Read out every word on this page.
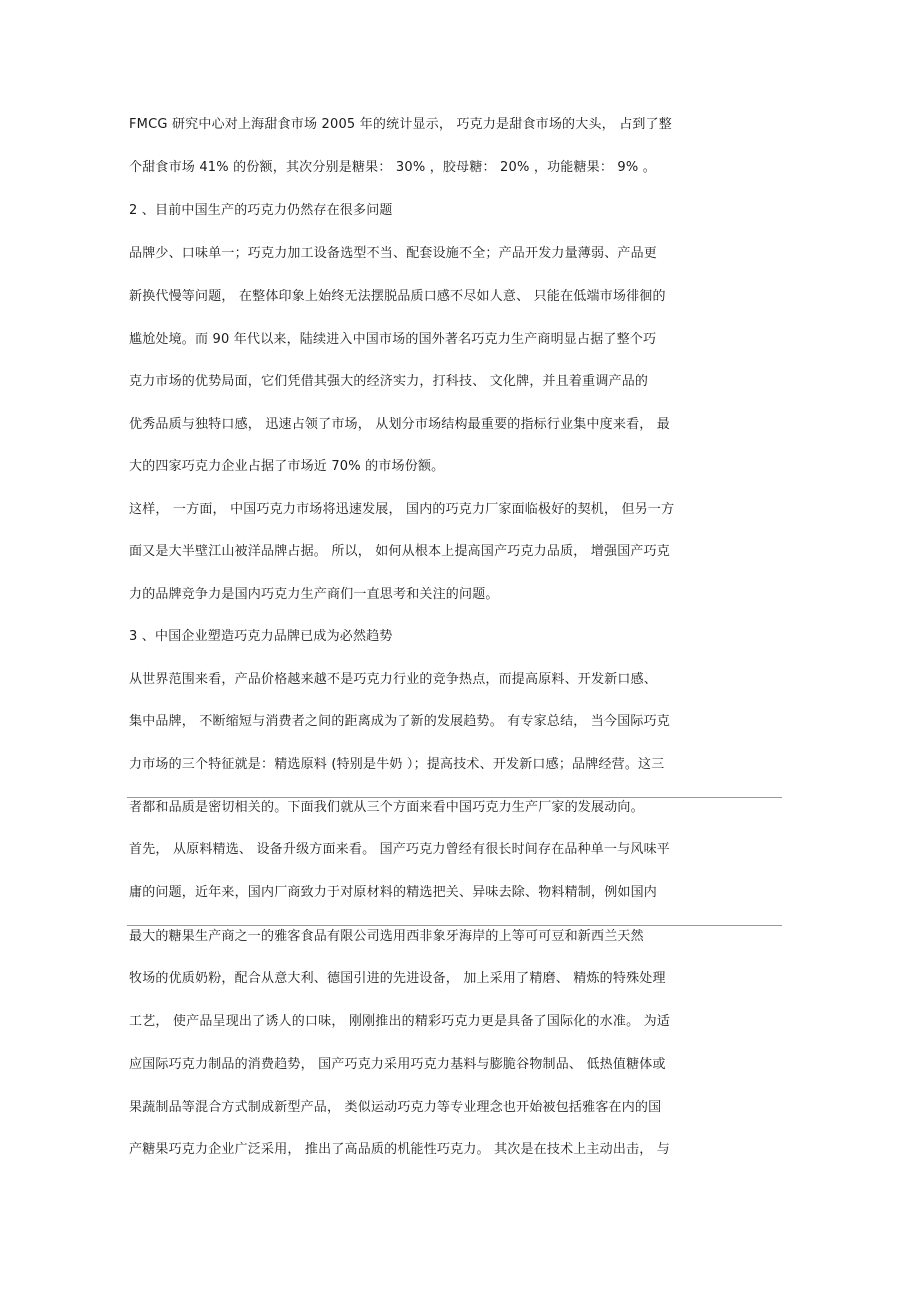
FMCG 研究中心对上海甜食市场 2005 年的统计显示， 巧克力是甜食市场的大头， 占到了整
个甜食市场 41% 的份额，其次分别是糖果： 30% ，胶母糖： 20% ，功能糖果： 9% 。
2 、目前中国生产的巧克力仍然存在很多问题
品牌少、口味单一；巧克力加工设备选型不当、配套设施不全；产品开发力量薄弱、产品更
新换代慢等问题， 在整体印象上始终无法摆脱品质口感不尽如人意、 只能在低端市场徘徊的
尴尬处境。而 90 年代以来，陆续进入中国市场的国外著名巧克力生产商明显占据了整个巧
克力市场的优势局面，它们凭借其强大的经济实力，打科技、 文化牌，并且着重调产品的
优秀品质与独特口感， 迅速占领了市场， 从划分市场结构最重要的指标行业集中度来看， 最
大的四家巧克力企业占据了市场近 70% 的市场份额。
这样， 一方面， 中国巧克力市场将迅速发展， 国内的巧克力厂家面临极好的契机， 但另一方
面又是大半壁江山被洋品牌占据。 所以， 如何从根本上提高国产巧克力品质， 增强国产巧克
力的品牌竞争力是国内巧克力生产商们一直思考和关注的问题。
3 、中国企业塑造巧克力品牌已成为必然趋势
从世界范围来看，产品价格越来越不是巧克力行业的竞争热点，而提高原料、开发新口感、
集中品牌， 不断缩短与消费者之间的距离成为了新的发展趋势。 有专家总结， 当今国际巧克
力市场的三个特征就是：精选原料 (特别是牛奶 ）；提高技术、开发新口感；品牌经营。这三
者都和品质是密切相关的。下面我们就从三个方面来看中国巧克力生产厂家的发展动向。
首先， 从原料精选、 设备升级方面来看。 国产巧克力曾经有很长时间存在品种单一与风味平
庸的问题，近年来，国内厂商致力于对原材料的精选把关、异味去除、物料精制，例如国内
最大的糖果生产商之一的雅客食品有限公司选用西非象牙海岸的上等可可豆和新西兰天然
牧场的优质奶粉，配合从意大利、德国引进的先进设备， 加上采用了精磨、 精炼的特殊处理
工艺， 使产品呈现出了诱人的口味， 刚刚推出的精彩巧克力更是具备了国际化的水准。 为适
应国际巧克力制品的消费趋势， 国产巧克力采用巧克力基料与膨脆谷物制品、 低热值糖体或
果蔬制品等混合方式制成新型产品， 类似运动巧克力等专业理念也开始被包括雅客在内的国
产糖果巧克力企业广泛采用， 推出了高品质的机能性巧克力。 其次是在技术上主动出击， 与
